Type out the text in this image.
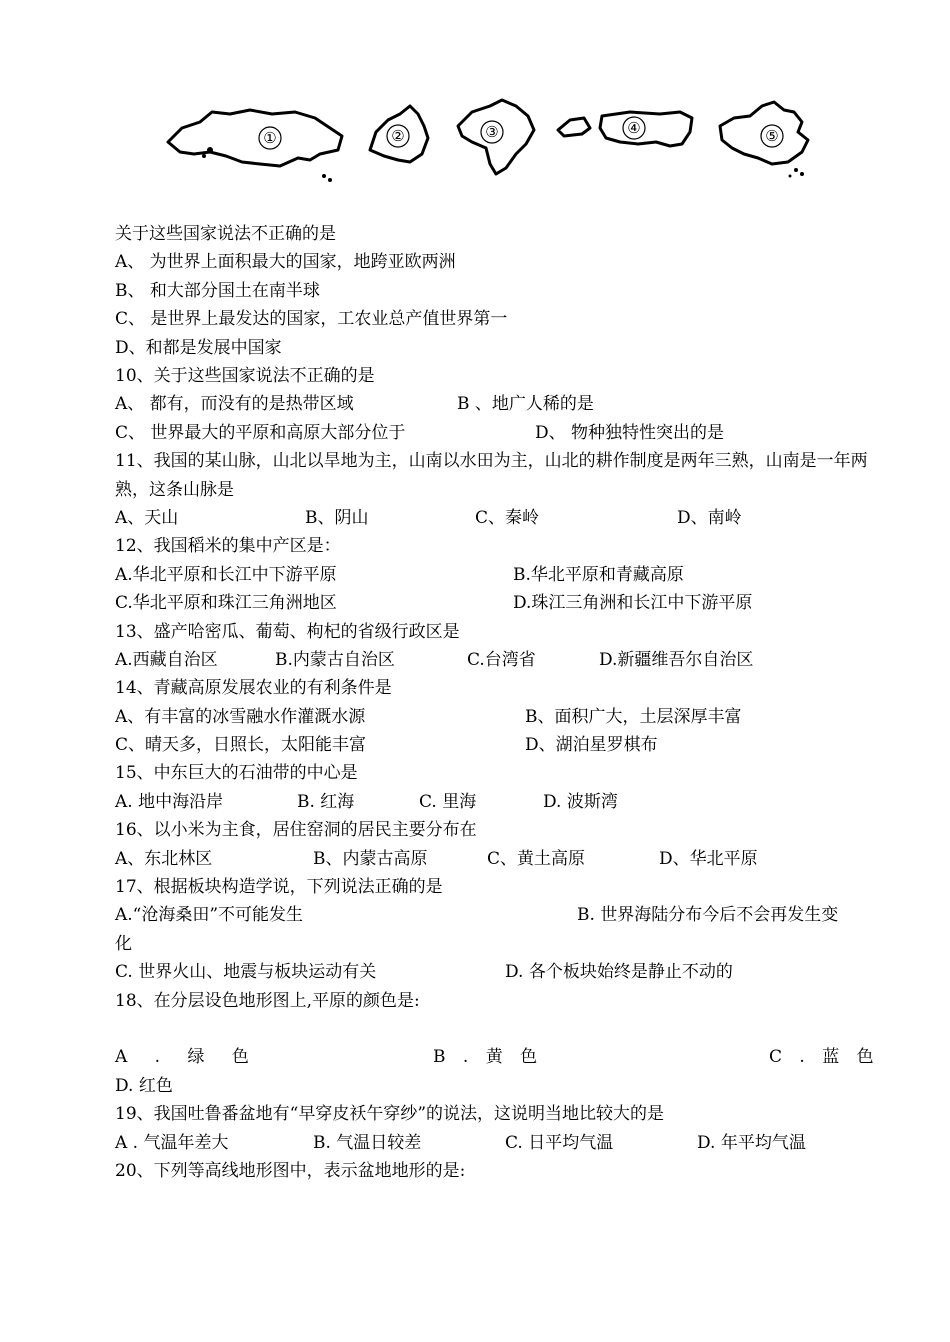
①	②	③	④	⑤
关于这些国家说法不正确的是
A、 为世界上面积最大的国家，地跨亚欧两洲
B、 和大部分国土在南半球
C、 是世界上最发达的国家，工农业总产值世界第一
D、和都是发展中国家
10、关于这些国家说法不正确的是
A、 都有，而没有的是热带区域	B 、地广人稀的是
C、 世界最大的平原和高原大部分位于	D、 物种独特性突出的是
11、我国的某山脉，山北以旱地为主，山南以水田为主，山北的耕作制度是两年三熟，山南是一年两熟，这条山脉是
A、天山	B、阴山	C、秦岭	D、南岭
12、我国稻米的集中产区是：
A.华北平原和长江中下游平原	B.华北平原和青藏高原
C.华北平原和珠江三角洲地区	D.珠江三角洲和长江中下游平原
13、盛产哈密瓜、葡萄、枸杞的省级行政区是
A.西藏自治区	B.内蒙古自治区	C.台湾省	D.新疆维吾尔自治区
14、青藏高原发展农业的有利条件是
A、有丰富的冰雪融水作灌溉水源	B、面积广大，土层深厚丰富
C、晴天多，日照长，太阳能丰富	D、湖泊星罗棋布
15、中东巨大的石油带的中心是
A. 地中海沿岸	B. 红海	C. 里海	D. 波斯湾
16、以小米为主食，居住窑洞的居民主要分布在
A、东北林区	B、内蒙古高原	C、黄土高原	D、华北平原
17、根据板块构造学说，下列说法正确的是
A.“沧海桑田”不可能发生	B. 世界海陆分布今后不会再发生变
化
C. 世界火山、地震与板块运动有关	D. 各个板块始终是静止不动的
18、在分层设色地形图上,平原的颜色是:
A . 绿 色	B . 黄 色	C . 蓝 色
D. 红色
19、我国吐鲁番盆地有“早穿皮袄午穿纱”的说法，这说明当地比较大的是
A . 气温年差大	B. 气温日较差	C. 日平均气温	D. 年平均气温
20、下列等高线地形图中，表示盆地地形的是:
